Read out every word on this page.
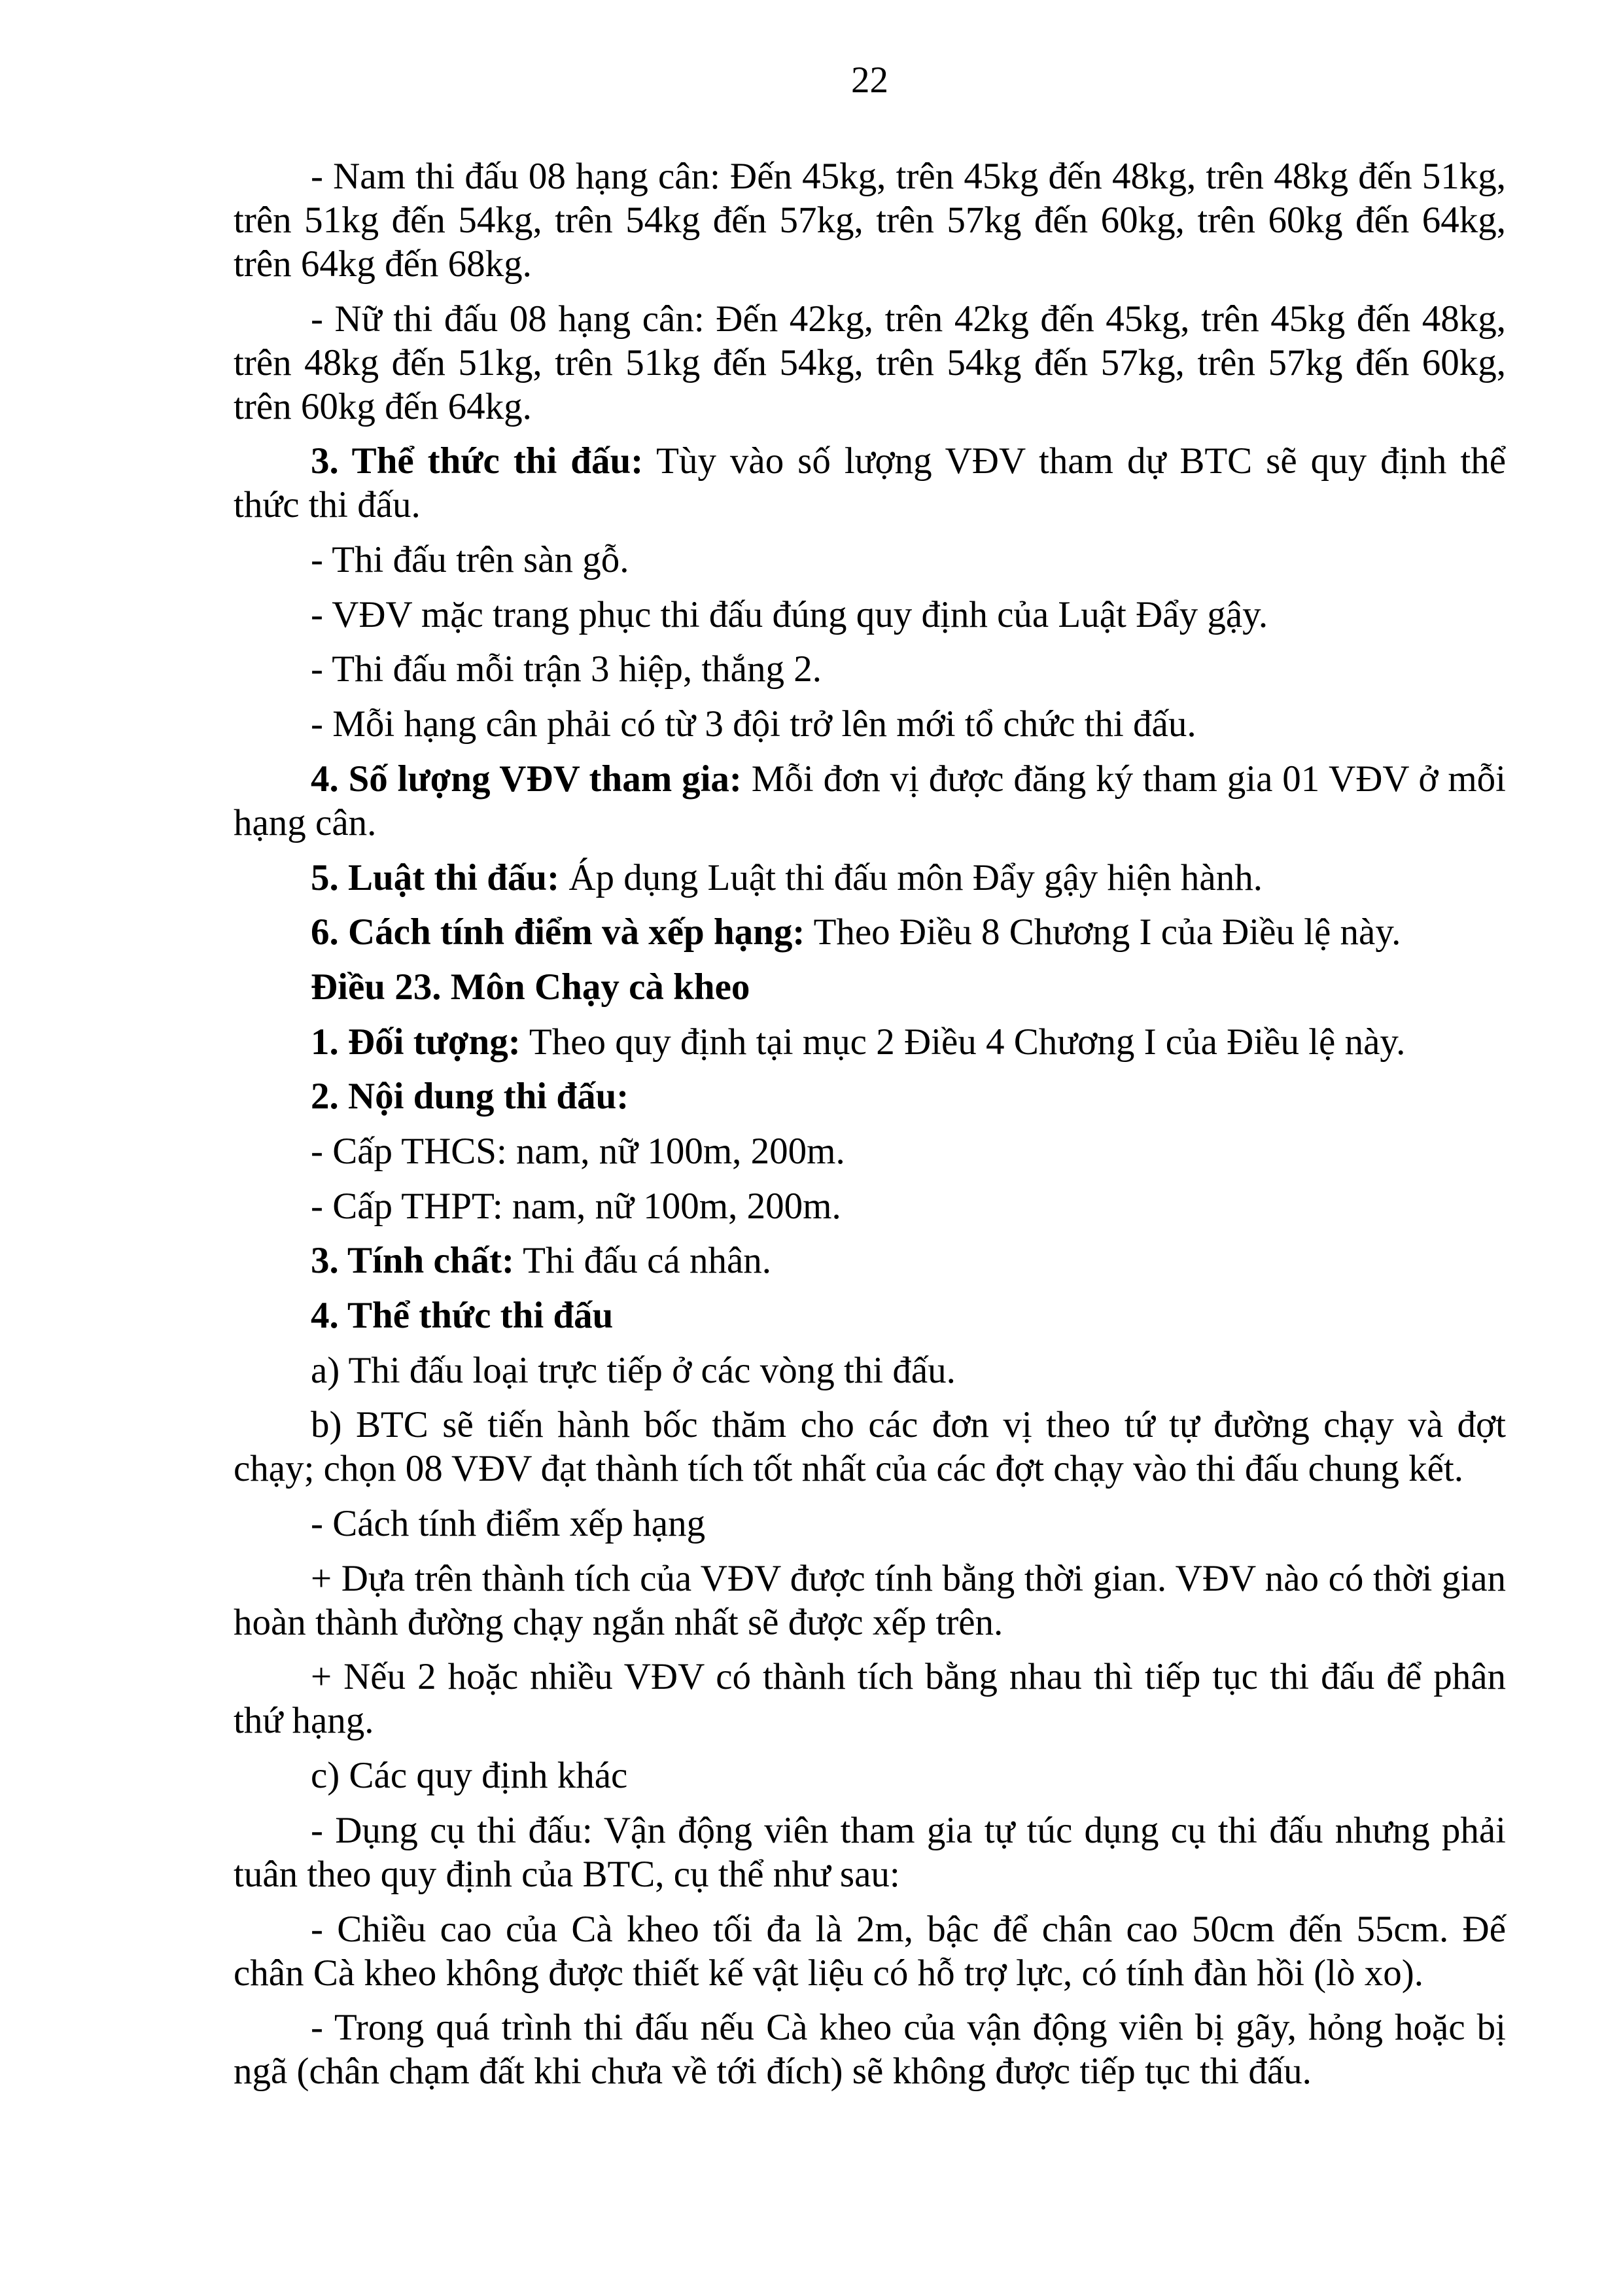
22

- Nam thi đấu 08 hạng cân: Đến 45kg, trên 45kg đến 48kg, trên 48kg đến 51kg, trên 51kg đến 54kg, trên 54kg đến 57kg, trên 57kg đến 60kg, trên 60kg đến 64kg, trên 64kg đến 68kg.

- Nữ thi đấu 08 hạng cân: Đến 42kg, trên 42kg đến 45kg, trên 45kg đến 48kg, trên 48kg đến 51kg, trên 51kg đến 54kg, trên 54kg đến 57kg, trên 57kg đến 60kg, trên 60kg đến 64kg.

3. Thể thức thi đấu: Tùy vào số lượng VĐV tham dự BTC sẽ quy định thể thức thi đấu.

- Thi đấu trên sàn gỗ.

- VĐV mặc trang phục thi đấu đúng quy định của Luật Đẩy gậy.

- Thi đấu mỗi trận 3 hiệp, thắng 2.

- Mỗi hạng cân phải có từ 3 đội trở lên mới tổ chức thi đấu.

4. Số lượng VĐV tham gia: Mỗi đơn vị được đăng ký tham gia 01 VĐV ở mỗi hạng cân.

5. Luật thi đấu: Áp dụng Luật thi đấu môn Đẩy gậy hiện hành.

6. Cách tính điểm và xếp hạng: Theo Điều 8 Chương I của Điều lệ này.

Điều 23. Môn Chạy cà kheo

1. Đối tượng: Theo quy định tại mục 2 Điều 4 Chương I của Điều lệ này.

2. Nội dung thi đấu:

- Cấp THCS: nam, nữ 100m, 200m.

- Cấp THPT: nam, nữ 100m, 200m.

3. Tính chất: Thi đấu cá nhân.

4. Thể thức thi đấu

a) Thi đấu loại trực tiếp ở các vòng thi đấu.

b) BTC sẽ tiến hành bốc thăm cho các đơn vị theo tứ tự đường chạy và đợt chạy; chọn 08 VĐV đạt thành tích tốt nhất của các đợt chạy vào thi đấu chung kết.

- Cách tính điểm xếp hạng

+ Dựa trên thành tích của VĐV được tính bằng thời gian. VĐV nào có thời gian hoàn thành đường chạy ngắn nhất sẽ được xếp trên.

+ Nếu 2 hoặc nhiều VĐV có thành tích bằng nhau thì tiếp tục thi đấu để phân thứ hạng.

c) Các quy định khác

- Dụng cụ thi đấu: Vận động viên tham gia tự túc dụng cụ thi đấu nhưng phải tuân theo quy định của BTC, cụ thể như sau:

- Chiều cao của Cà kheo tối đa là 2m, bậc để chân cao 50cm đến 55cm. Đế chân Cà kheo không được thiết kế vật liệu có hỗ trợ lực, có tính đàn hồi (lò xo).

- Trong quá trình thi đấu nếu Cà kheo của vận động viên bị gãy, hỏng hoặc bị ngã (chân chạm đất khi chưa về tới đích) sẽ không được tiếp tục thi đấu.
